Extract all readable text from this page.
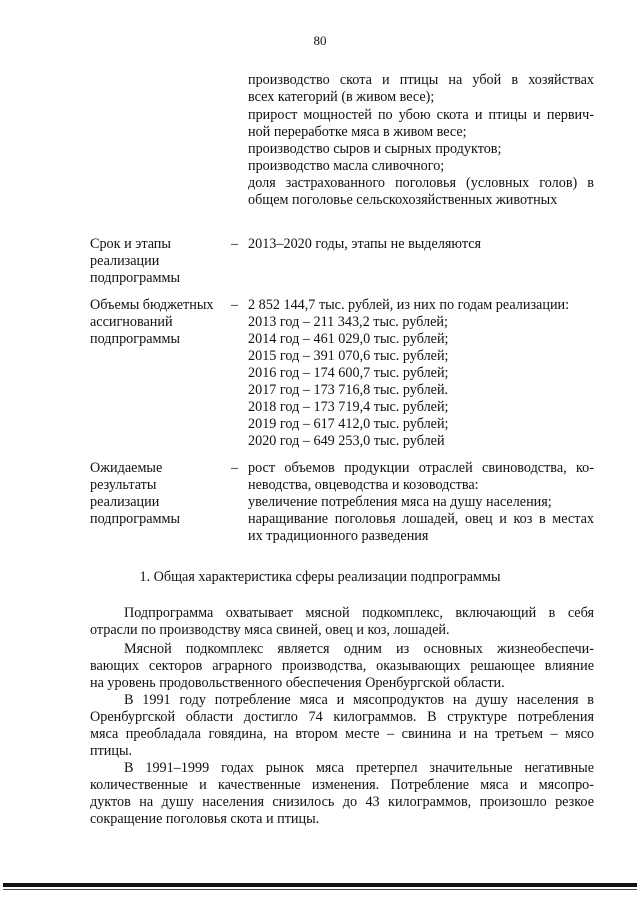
80
производство скота и птицы на убой в хозяйствах
всех категорий (в живом весе);
прирост мощностей по убою скота и птицы и первич-
ной переработке мяса в живом весе;
производство сыров и сырных продуктов;
производство масла сливочного;
доля застрахованного поголовья (условных голов) в
общем поголовье сельскохозяйственных животных
Срок и этапы
реализации
подпрограммы
– 2013–2020 годы, этапы не выделяются
Объемы бюджетных
ассигнований
подпрограммы
– 2 852 144,7 тыс. рублей, из них по годам реализации:
2013 год – 211 343,2 тыс. рублей;
2014 год – 461 029,0 тыс. рублей;
2015 год – 391 070,6 тыс. рублей;
2016 год – 174 600,7 тыс. рублей;
2017 год – 173 716,8 тыс. рублей.
2018 год – 173 719,4 тыс. рублей;
2019 год – 617 412,0 тыс. рублей;
2020 год – 649 253,0 тыс. рублей
Ожидаемые
результаты
реализации
подпрограммы
– рост объемов продукции отраслей свиноводства, ко-
неводства, овцеводства и козоводства:
увеличение потребления мяса на душу населения;
наращивание поголовья лошадей, овец и коз в местах
их традиционного разведения
1. Общая характеристика сферы реализации подпрограммы
Подпрограмма охватывает мясной подкомплекс, включающий в себя
отрасли по производству мяса свиней, овец и коз, лошадей.
Мясной подкомплекс является одним из основных жизнеобеспечи-
вающих секторов аграрного производства, оказывающих решающее влияние
на уровень продовольственного обеспечения Оренбургской области.
В 1991 году потребление мяса и мясопродуктов на душу населения в
Оренбургской области достигло 74 килограммов. В структуре потребления
мяса преобладала говядина, на втором месте – свинина и на третьем – мясо
птицы.
В 1991–1999 годах рынок мяса претерпел значительные негативные
количественные и качественные изменения. Потребление мяса и мясопро-
дуктов на душу населения снизилось до 43 килограммов, произошло резкое
сокращение поголовья скота и птицы.
